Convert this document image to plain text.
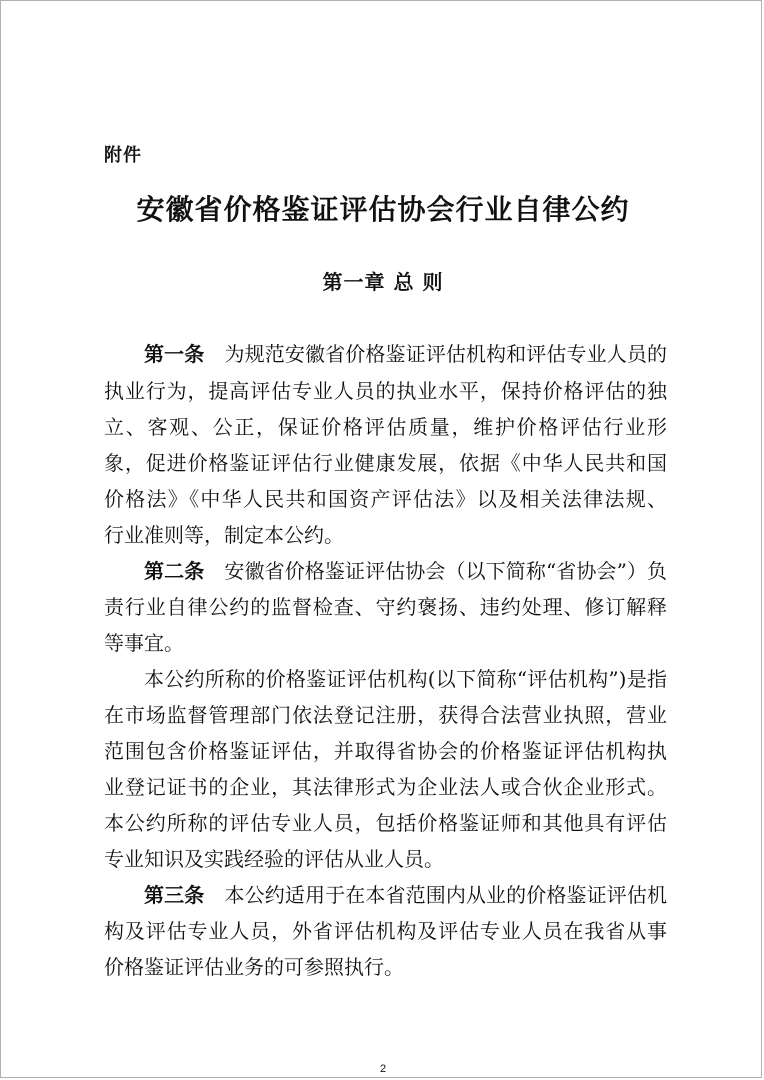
附件
安徽省价格鉴证评估协会行业自律公约
第一章 总 则
第一条　 为规范安徽省价格鉴证评估机构和评估专业人员的
执业行为，提高评估专业人员的执业水平，保持价格评估的独
立、客观、公正，保证价格评估质量，维护价格评估行业形
象，促进价格鉴证评估行业健康发展，依据《中华人民共和国
价格法》《中华人民共和国资产评估法》以及相关法律法规、
行业准则等，制定本公约。
第二条　 安徽省价格鉴证评估协会（以下简称“省协会”）负
责行业自律公约的监督检查、守约褒扬、违约处理、修订解释
等事宜。
本公约所称的价格鉴证评估机构(以下简称“评估机构”)是指
在市场监督管理部门依法登记注册，获得合法营业执照，营业
范围包含价格鉴证评估，并取得省协会的价格鉴证评估机构执
业登记证书的企业，其法律形式为企业法人或合伙企业形式。
本公约所称的评估专业人员，包括价格鉴证师和其他具有评估
专业知识及实践经验的评估从业人员。
第三条　 本公约适用于在本省范围内从业的价格鉴证评估机
构及评估专业人员，外省评估机构及评估专业人员在我省从事
价格鉴证评估业务的可参照执行。
2
